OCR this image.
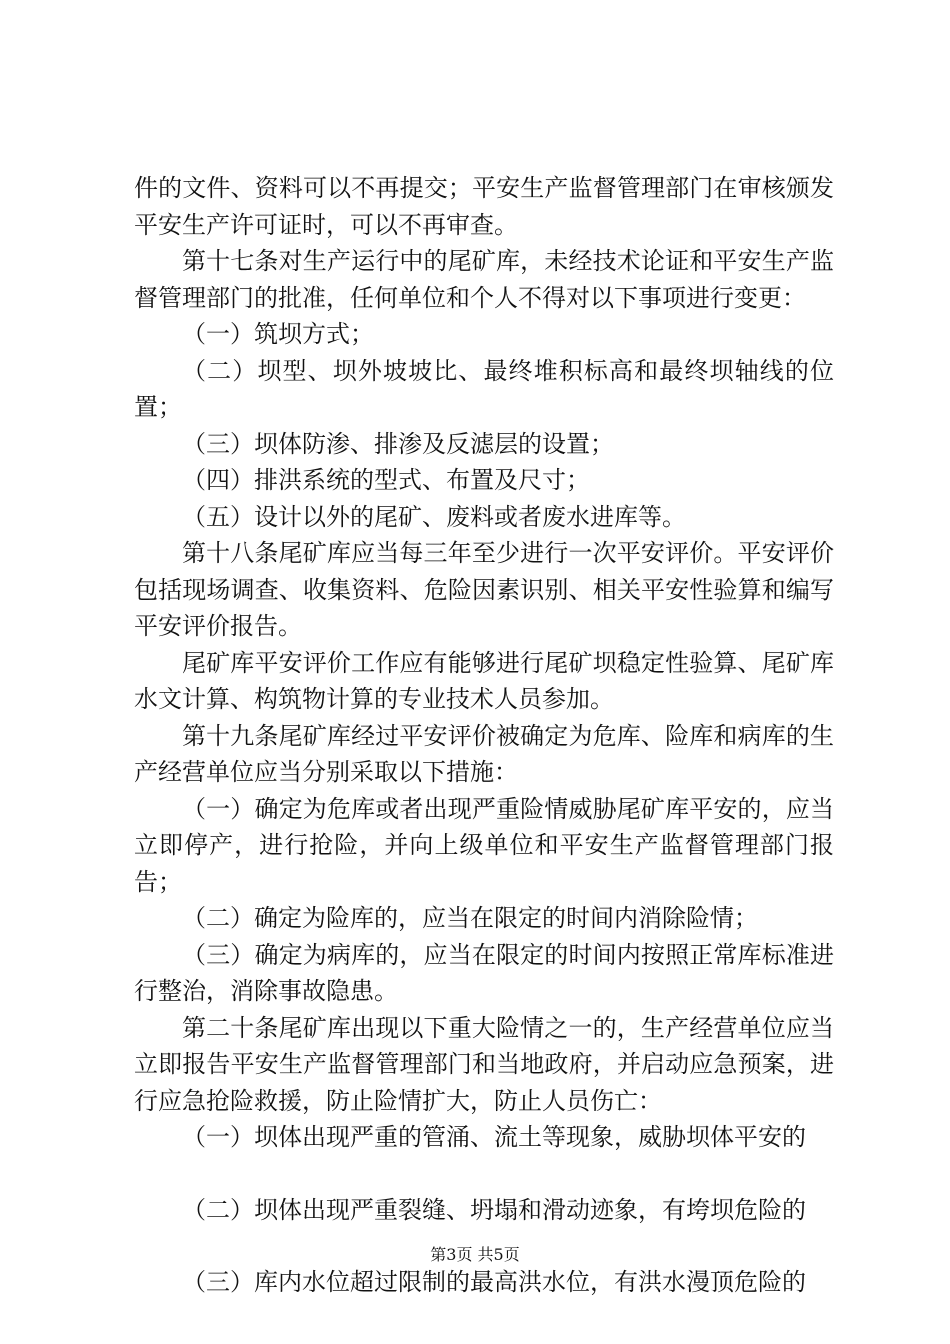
件的文件、资料可以不再提交；平安生产监督管理部门在审核颁发平安生产许可证时，可以不再审查。

第十七条对生产运行中的尾矿库，未经技术论证和平安生产监督管理部门的批准，任何单位和个人不得对以下事项进行变更：

（一）筑坝方式；

（二）坝型、坝外坡坡比、最终堆积标高和最终坝轴线的位置；

（三）坝体防渗、排渗及反滤层的设置；

（四）排洪系统的型式、布置及尺寸；

（五）设计以外的尾矿、废料或者废水进库等。

第十八条尾矿库应当每三年至少进行一次平安评价。平安评价包括现场调查、收集资料、危险因素识别、相关平安性验算和编写平安评价报告。

尾矿库平安评价工作应有能够进行尾矿坝稳定性验算、尾矿库水文计算、构筑物计算的专业技术人员参加。

第十九条尾矿库经过平安评价被确定为危库、险库和病库的生产经营单位应当分别采取以下措施：

（一）确定为危库或者出现严重险情威胁尾矿库平安的，应当立即停产，进行抢险，并向上级单位和平安生产监督管理部门报告；

（二）确定为险库的，应当在限定的时间内消除险情；

（三）确定为病库的，应当在限定的时间内按照正常库标准进行整治，消除事故隐患。

第二十条尾矿库出现以下重大险情之一的，生产经营单位应当立即报告平安生产监督管理部门和当地政府，并启动应急预案，进行应急抢险救援，防止险情扩大，防止人员伤亡：

（一）坝体出现严重的管涌、流土等现象，威胁坝体平安的

（二）坝体出现严重裂缝、坍塌和滑动迹象，有垮坝危险的

（三）库内水位超过限制的最高洪水位，有洪水漫顶危险的

第3页 共5页
